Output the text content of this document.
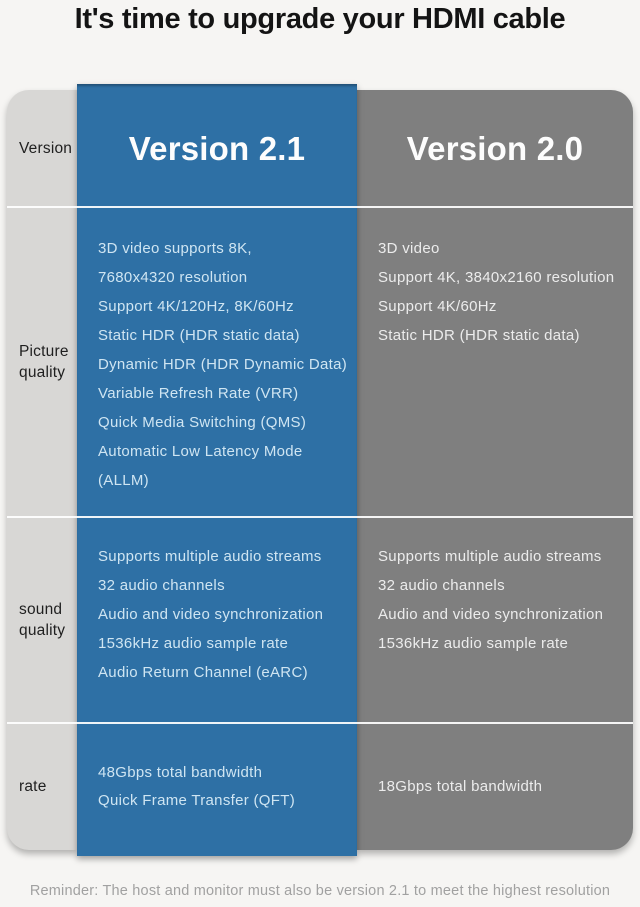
It's time to upgrade your HDMI cable
Version Version 2.1	Version 2.0
Picture quality
3D video supports 8K,
7680x4320 resolution
Support 4K/120Hz, 8K/60Hz
Static HDR (HDR static data)
Dynamic HDR (HDR Dynamic Data)
Variable Refresh Rate (VRR)
Quick Media Switching (QMS)
Automatic Low Latency Mode
(ALLM)
3D video
Support 4K, 3840x2160 resolution
Support 4K/60Hz
Static HDR (HDR static data)
sound quality
Supports multiple audio streams
32 audio channels
Audio and video synchronization
1536kHz audio sample rate
Audio Return Channel (eARC)
Supports multiple audio streams
32 audio channels
Audio and video synchronization
1536kHz audio sample rate
rate
48Gbps total bandwidth
Quick Frame Transfer (QFT)
18Gbps total bandwidth
Reminder: The host and monitor must also be version 2.1 to meet the highest resolution
